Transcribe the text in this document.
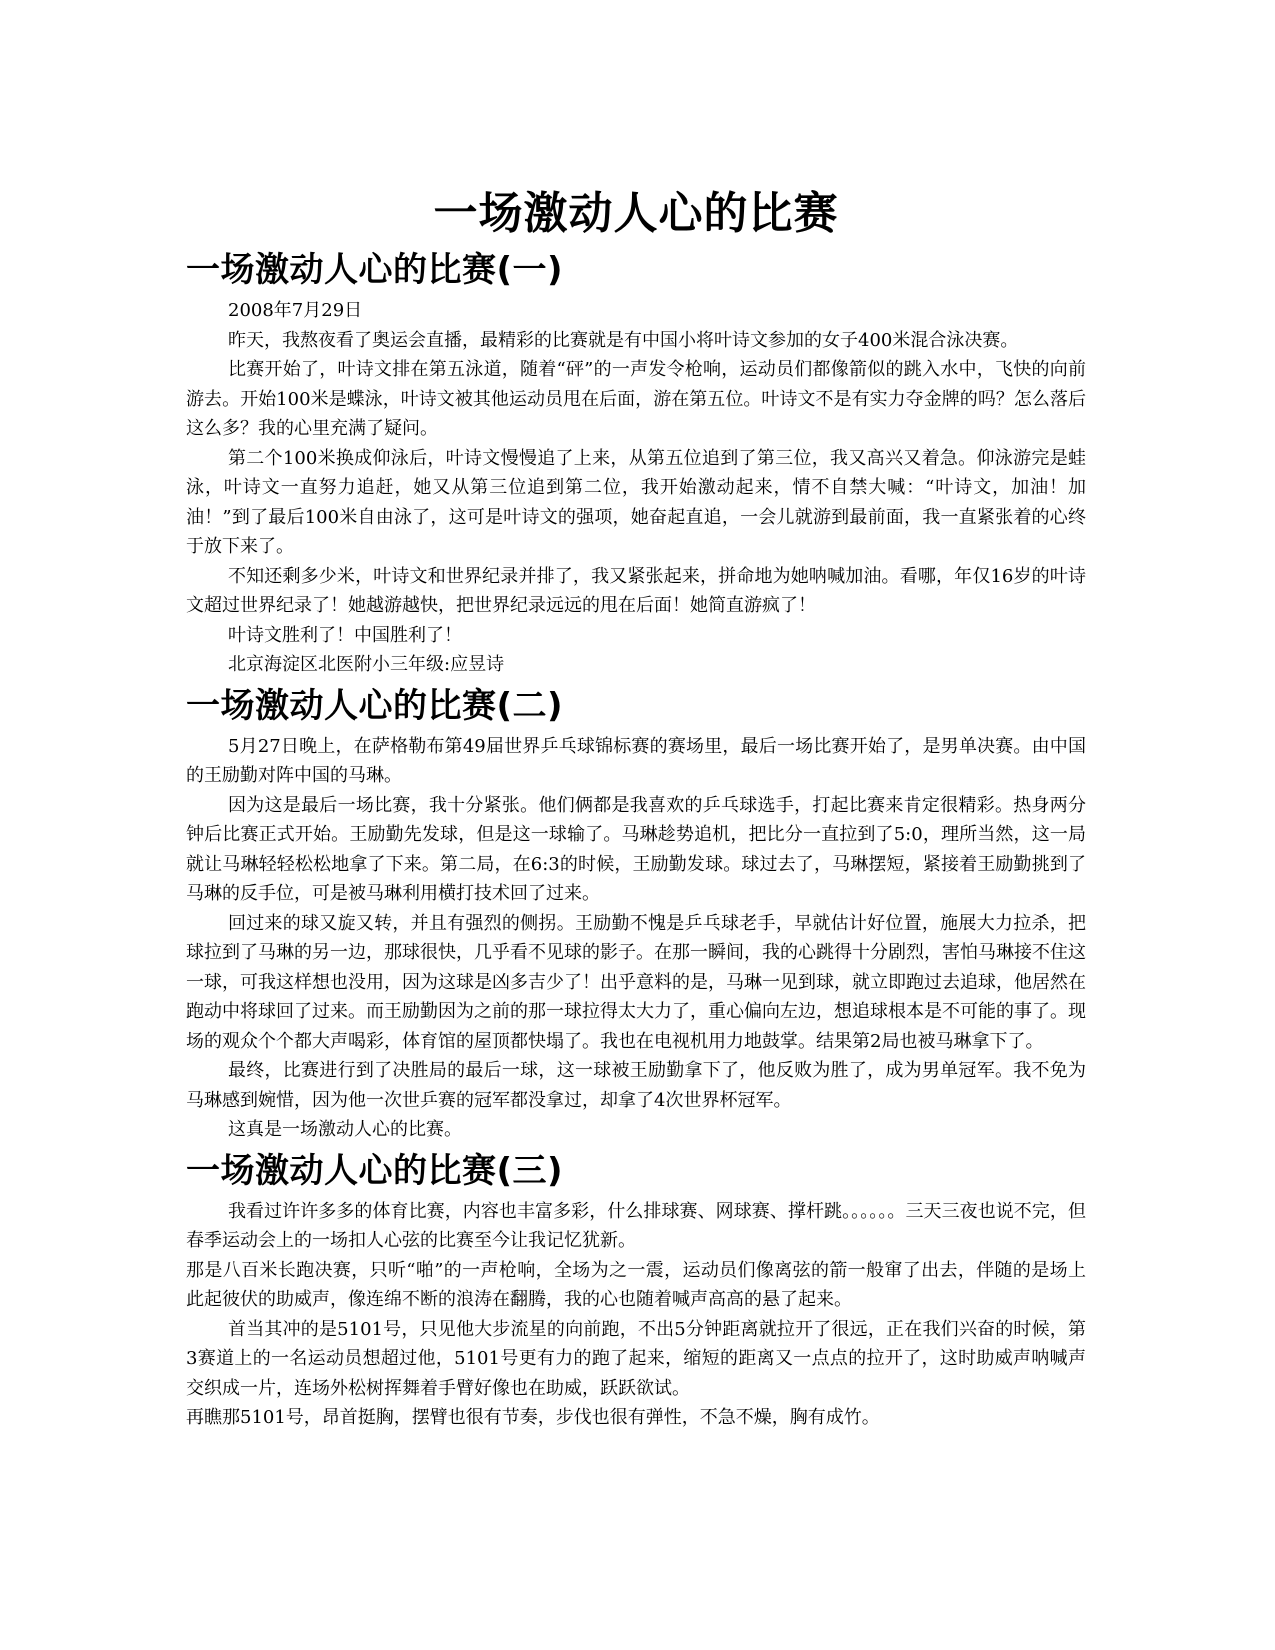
一场激动人心的比赛
一场激动人心的比赛(一)

2008年7月29日

昨天，我熬夜看了奥运会直播，最精彩的比赛就是有中国小将叶诗文参加的女子400米混合泳决赛。

比赛开始了，叶诗文排在第五泳道，随着“砰”的一声发令枪响，运动员们都像箭似的跳入水中，飞快的向前游去。开始100米是蝶泳，叶诗文被其他运动员甩在后面，游在第五位。叶诗文不是有实力夺金牌的吗？怎么落后这么多？我的心里充满了疑问。

第二个100米换成仰泳后，叶诗文慢慢追了上来，从第五位追到了第三位，我又高兴又着急。仰泳游完是蛙泳，叶诗文一直努力追赶，她又从第三位追到第二位，我开始激动起来，情不自禁大喊：“叶诗文，加油！加油！”到了最后100米自由泳了，这可是叶诗文的强项，她奋起直追，一会儿就游到最前面，我一直紧张着的心终于放下来了。

不知还剩多少米，叶诗文和世界纪录并排了，我又紧张起来，拼命地为她呐喊加油。看哪，年仅16岁的叶诗文超过世界纪录了！她越游越快，把世界纪录远远的甩在后面！她简直游疯了！

叶诗文胜利了！中国胜利了！

北京海淀区北医附小三年级:应昱诗

一场激动人心的比赛(二)

5月27日晚上，在萨格勒布第49届世界乒乓球锦标赛的赛场里，最后一场比赛开始了，是男单决赛。由中国的王励勤对阵中国的马琳。

因为这是最后一场比赛，我十分紧张。他们俩都是我喜欢的乒乓球选手，打起比赛来肯定很精彩。热身两分钟后比赛正式开始。王励勤先发球，但是这一球输了。马琳趁势追机，把比分一直拉到了5:0，理所当然，这一局就让马琳轻轻松松地拿了下来。第二局，在6:3的时候，王励勤发球。球过去了，马琳摆短，紧接着王励勤挑到了马琳的反手位，可是被马琳利用横打技术回了过来。

回过来的球又旋又转，并且有强烈的侧拐。王励勤不愧是乒乓球老手，早就估计好位置，施展大力拉杀，把球拉到了马琳的另一边，那球很快，几乎看不见球的影子。在那一瞬间，我的心跳得十分剧烈，害怕马琳接不住这一球，可我这样想也没用，因为这球是凶多吉少了！出乎意料的是，马琳一见到球，就立即跑过去追球，他居然在跑动中将球回了过来。而王励勤因为之前的那一球拉得太大力了，重心偏向左边，想追球根本是不可能的事了。现场的观众个个都大声喝彩，体育馆的屋顶都快塌了。我也在电视机用力地鼓掌。结果第2局也被马琳拿下了。

最终，比赛进行到了决胜局的最后一球，这一球被王励勤拿下了，他反败为胜了，成为男单冠军。我不免为马琳感到婉惜，因为他一次世乒赛的冠军都没拿过，却拿了4次世界杯冠军。

这真是一场激动人心的比赛。

一场激动人心的比赛(三)

我看过许许多多的体育比赛，内容也丰富多彩，什么排球赛、网球赛、撑杆跳。。。。。。三天三夜也说不完，但春季运动会上的一场扣人心弦的比赛至今让我记忆犹新。

那是八百米长跑决赛，只听“啪”的一声枪响，全场为之一震，运动员们像离弦的箭一般窜了出去，伴随的是场上此起彼伏的助威声，像连绵不断的浪涛在翻腾，我的心也随着喊声高高的悬了起来。

首当其冲的是5101号，只见他大步流星的向前跑，不出5分钟距离就拉开了很远，正在我们兴奋的时候，第3赛道上的一名运动员想超过他，5101号更有力的跑了起来，缩短的距离又一点点的拉开了，这时助威声呐喊声交织成一片，连场外松树挥舞着手臂好像也在助威，跃跃欲试。

再瞧那5101号，昂首挺胸，摆臂也很有节奏，步伐也很有弹性，不急不燥，胸有成竹。
